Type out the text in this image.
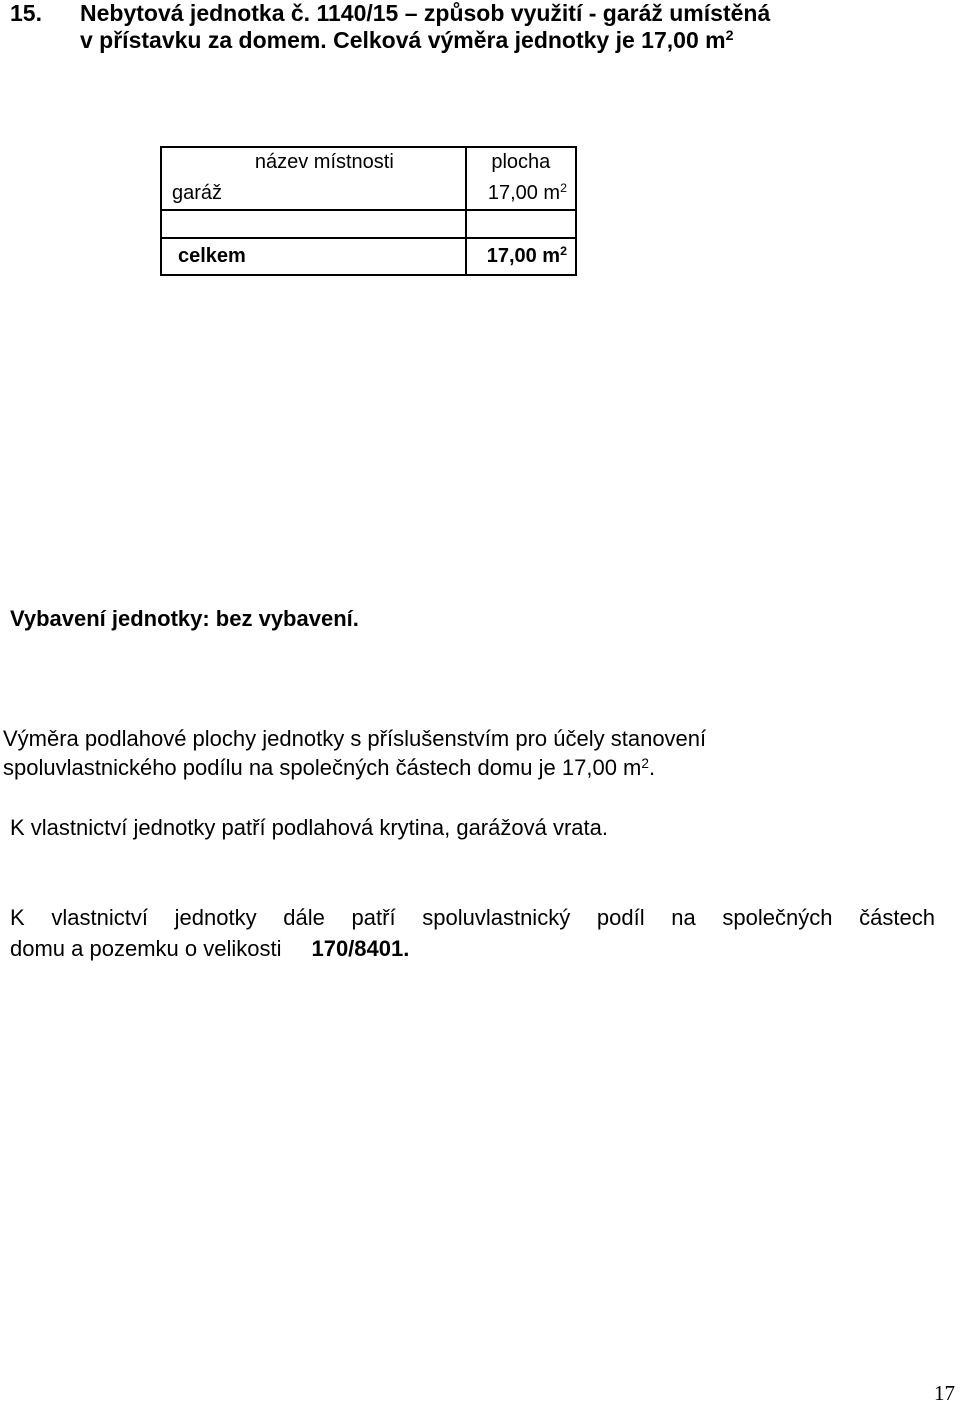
15. Nebytová jednotka č. 1140/15 – způsob využití - garáž umístěná
v přístavku za domem. Celková výměra jednotky je 17,00 $m^2$
název místnosti	plocha
garáž	17,00 $m^2$

celkem	17,00 $m^2$
Vybavení jednotky: bez vybavení.
Výměra podlahové plochy jednotky s příslušenstvím pro účely stanovení
spoluvlastnického podílu na společných částech domu je 17,00 $m^2$.
K vlastnictví jednotky patří podlahová krytina, garážová vrata.
K vlastnictví jednotky dále patří spoluvlastnický podíl na společných částech
domu a pozemku o velikosti 170/8401.
17
